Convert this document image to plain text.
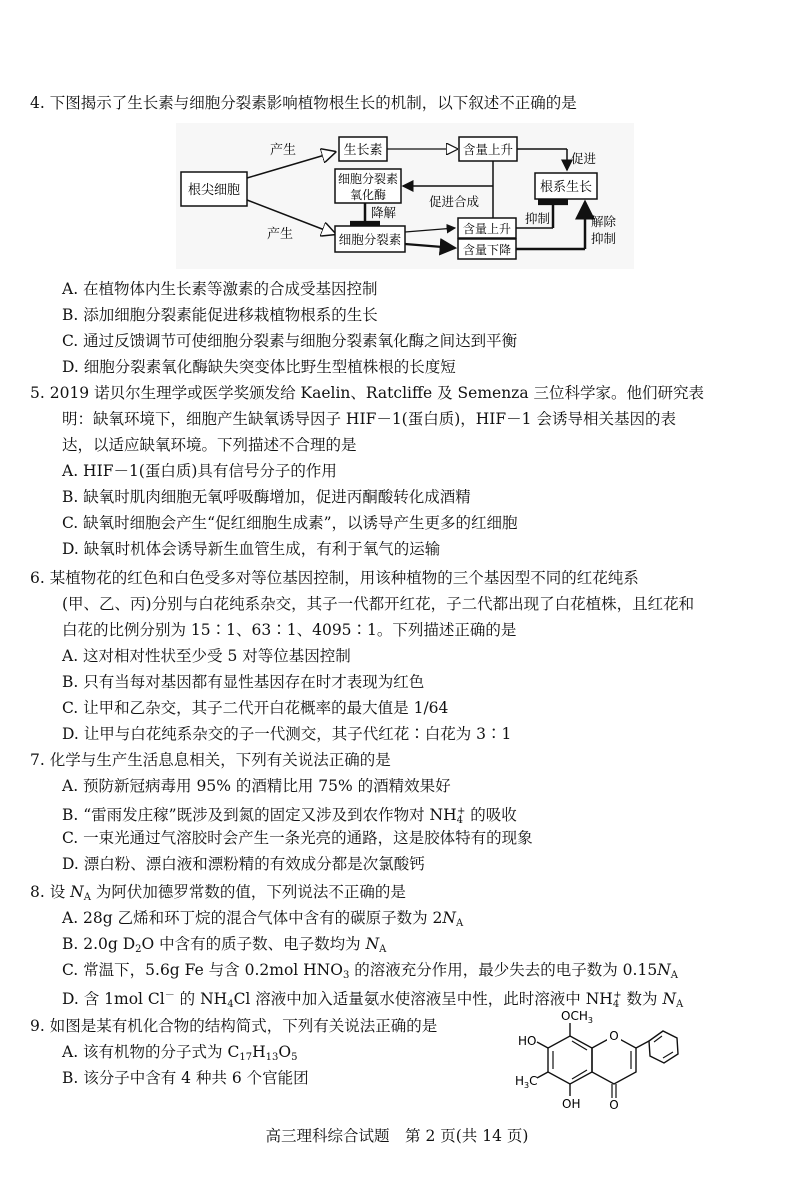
4. 下图揭示了生长素与细胞分裂素影响植物根生长的机制，以下叙述不正确的是
根尖细胞
产生
产生
生长素	含量上升
促进
根系生长
细胞分裂素
氧化酶	促进合成
降解
细胞分裂素
含量上升
含量下降
抑制	解除
抑制
A. 在植物体内生长素等激素的合成受基因控制
B. 添加细胞分裂素能促进移栽植物根系的生长
C. 通过反馈调节可使细胞分裂素与细胞分裂素氧化酶之间达到平衡
D. 细胞分裂素氧化酶缺失突变体比野生型植株根的长度短
5. 2019 诺贝尔生理学或医学奖颁发给 Kaelin、Ratcliffe 及 Semenza 三位科学家。他们研究表
明：缺氧环境下，细胞产生缺氧诱导因子 HIF－1(蛋白质)，HIF－1 会诱导相关基因的表
达，以适应缺氧环境。下列描述不合理的是
A. HIF－1(蛋白质)具有信号分子的作用
B. 缺氧时肌肉细胞无氧呼吸酶增加，促进丙酮酸转化成酒精
C. 缺氧时细胞会产生“促红细胞生成素”，以诱导产生更多的红细胞
D. 缺氧时机体会诱导新生血管生成，有利于氧气的运输
6. 某植物花的红色和白色受多对等位基因控制，用该种植物的三个基因型不同的红花纯系
(甲、乙、丙)分别与白花纯系杂交，其子一代都开红花，子二代都出现了白花植株，且红花和
白花的比例分别为 15∶1、63∶1、4095∶1。下列描述正确的是
A. 这对相对性状至少受 5 对等位基因控制
B. 只有当每对基因都有显性基因存在时才表现为红色
C. 让甲和乙杂交，其子二代开白花概率的最大值是 1/64
D. 让甲与白花纯系杂交的子一代测交，其子代红花∶白花为 3∶1
7. 化学与生产生活息息相关，下列有关说法正确的是
A. 预防新冠病毒用 95% 的酒精比用 75% 的酒精效果好
B. “雷雨发庄稼”既涉及到氮的固定又涉及到农作物对 $NH_4^+$ 的吸收
C. 一束光通过气溶胶时会产生一条光亮的通路，这是胶体特有的现象
D. 漂白粉、漂白液和漂粉精的有效成分都是次氯酸钙
8. 设 $N_A$ 为阿伏加德罗常数的值，下列说法不正确的是
A. 28g 乙烯和环丁烷的混合气体中含有的碳原子数为 $2N_A$
B. 2.0g $D_2O$ 中含有的质子数、电子数均为 $N_A$
C. 常温下，5.6g Fe 与含 0.2mol $HNO_3$ 的溶液充分作用，最少失去的电子数为 $0.15N_A$
D. 含 1mol Cl－ 的 $NH_4Cl$ 溶液中加入适量氨水使溶液呈中性，此时溶液中 $NH_4^+$ 数为 $N_A$
9. 如图是某有机化合物的结构简式，下列有关说法正确的是
A. 该有机物的分子式为 $C_{17}H_{13}O_5$
B. 该分子中含有 4 种共 6 个官能团
O
O
$OCH_3$
HO
$H_3C$
OH
高三理科综合试题　第 2 页(共 14 页)
